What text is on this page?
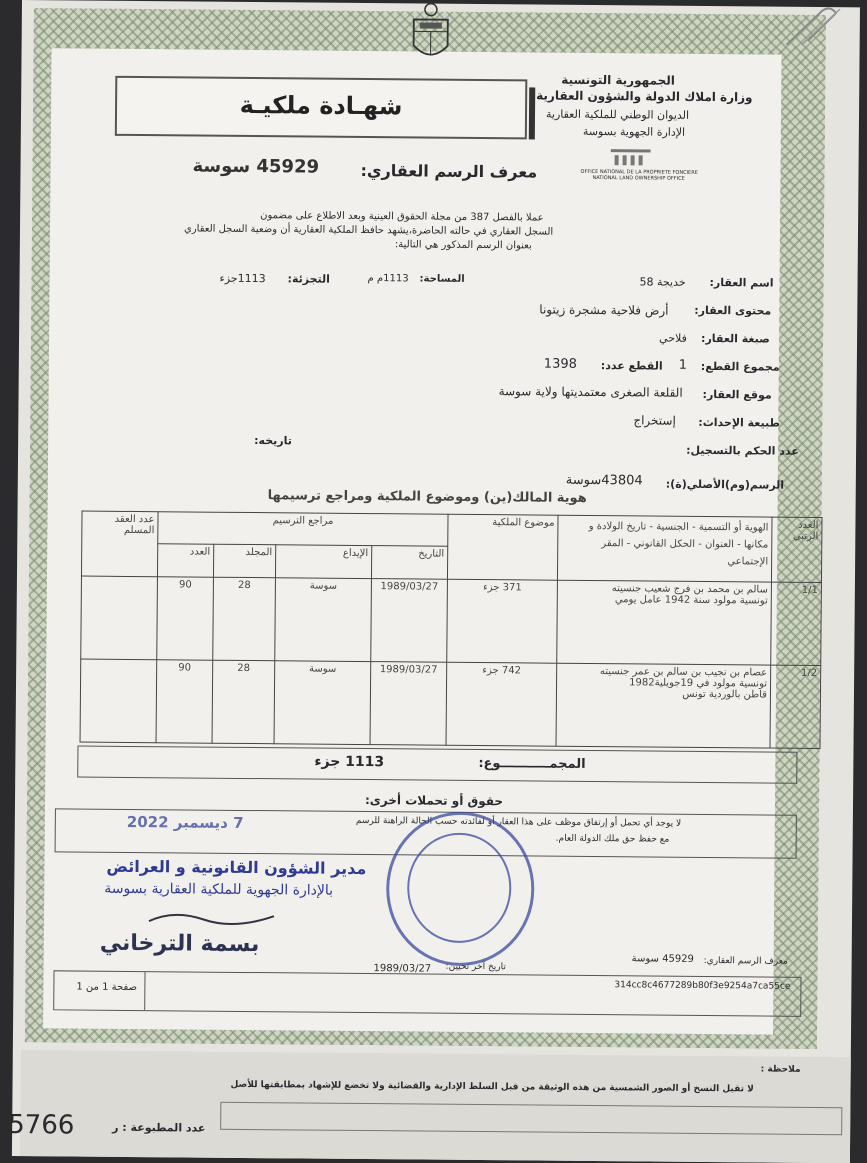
الجمهورية التونسية
وزارة املاك الدولة والشؤون العقارية
الديوان الوطني للملكية العقارية
الإدارة الجهوية بسوسة
OFFICE NATIONAL DE LA PROPRIETE FONCIERE
NATIONAL LAND OWNERSHIP OFFICE
شهـادة ملكيـة
معرف الرسم العقاري:
45929 سوسة
عملا بالفصل 387 من مجلة الحقوق العينية وبعد الاطلاع على مضمون
السجل العقاري في حالته الحاضرة،يشهد حافظ الملكية العقارية أن وضعية السجل العقاري
بعنوان الرسم المذكور هي التالية:
اسم العقار:
خديجة 58
المساحة:
1113م م
التجزئة:
1113جزء
محتوى العقار:
أرض فلاحية مشجرة زيتونا
صبغة العقار:
فلاحي
مجموع القطع:
1
القطع عدد:
1398
موقع العقار:
القلعة الصغرى معتمديتها ولاية سوسة
طبيعة الإحداث:
إستخراج
عدد الحكم بالتسجيل:
تاريخه:
الرسم(وم)الأصلي(ة):
43804سوسة
هوية المالك(ين) وموضوع الملكية ومراجع ترسيمها
عدد العقد المسلم	مراجع الترسيم				موضوع الملكية	الهوية أو التسمية - الجنسية - تاريخ الولادة و مكانها - العنوان - الحكل القانوني - المقر الإجتماعي	العدد الرتبي
	العدد	المجلد	الإيداع	التاريخ			
	90	28	سوسة	1989/03/27	371 جزء	سالم بن محمد بن فرج شعيب جنسيته
تونسية مولود سنة 1942 عامل يومي	1/1
	90	28	سوسة	1989/03/27	742 جزء	عصام بن نجيب بن سالم بن عمر جنسيته
تونسية مولود في 19جويلية1982
قاطن بالوردية تونس	1/2
المجمـــــــــــوع:
1113 جزء
حقوق أو تحملات أخرى:
7 ديسمبر 2022	لا يوجد أي تحمل أو إرتفاق موظف على هذا العقار أو لفائدته حسب الحالة الراهنة للرسم
مع حفظ حق ملك الدولة العام.
مدير الشؤون القانونية و العرائض
بالإدارة الجهوية للملكية العقارية بسوسة
بسمة الترخاني
معرف الرسم العقاري:
45929 سوسة
تاريخ آخر تحيين:
1989/03/27
صفحة 1 من 1	314cc8c4677289b80f3e9254a7ca55ce
ملاحظة :
لا تقبل النسخ أو الصور الشمسية من هذه الوثيقة من قبل السلط الإدارية والقضائية ولا تخضع للإشهاد بمطابقتها للأصل
عدد المطبوعة : ر
5766
